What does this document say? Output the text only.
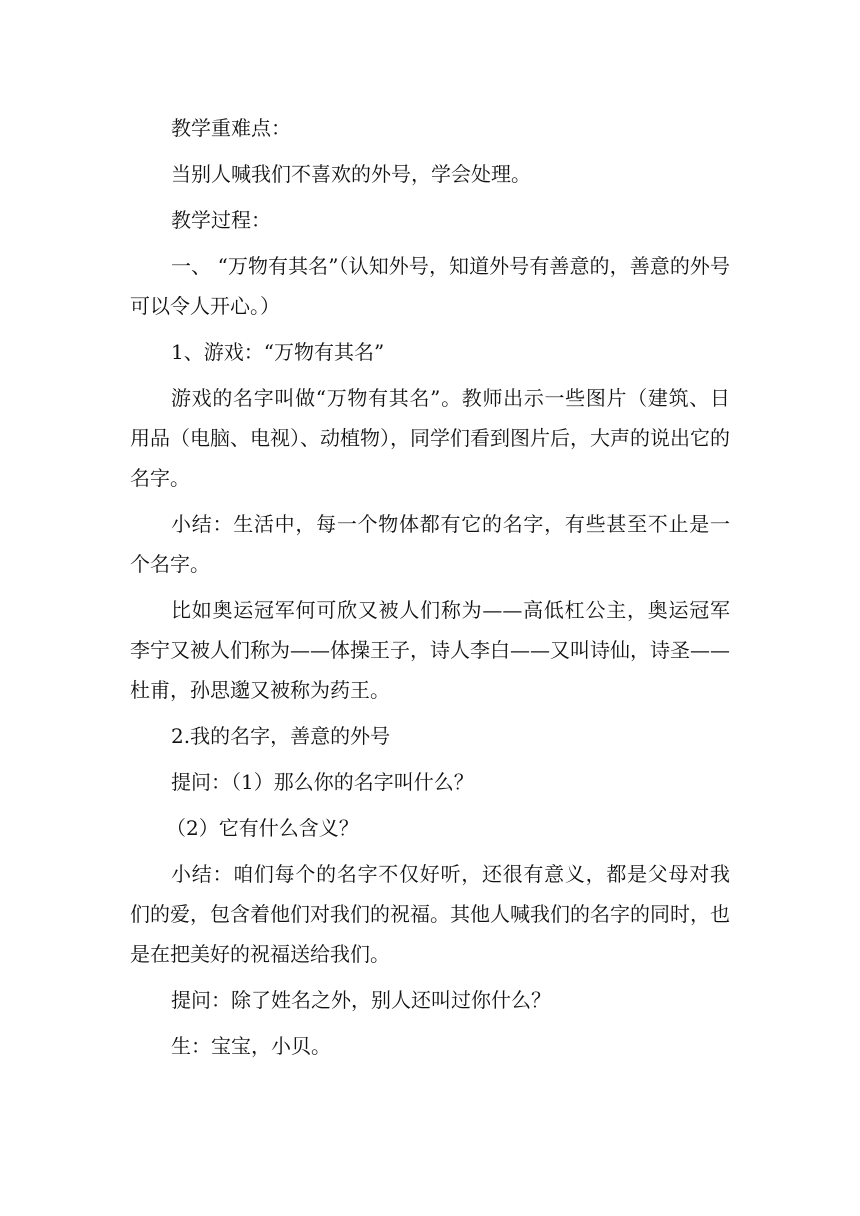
教学重难点：

当别人喊我们不喜欢的外号，学会处理。

教学过程：

一、 “万物有其名”（认知外号，知道外号有善意的，善意的外号可以令人开心。）

1、游戏：“万物有其名”

游戏的名字叫做“万物有其名”。教师出示一些图片（建筑、日用品（电脑、电视）、动植物），同学们看到图片后，大声的说出它的名字。

小结：生活中，每一个物体都有它的名字，有些甚至不止是一个名字。

比如奥运冠军何可欣又被人们称为——高低杠公主，奥运冠军李宁又被人们称为——体操王子，诗人李白——又叫诗仙，诗圣—— 杜甫，孙思邈又被称为药王。

2.我的名字，善意的外号

提问：（1）那么你的名字叫什么？

（2）它有什么含义？

小结：咱们每个的名字不仅好听，还很有意义，都是父母对我们的爱，包含着他们对我们的祝福。其他人喊我们的名字的同时，也是在把美好的祝福送给我们。

提问：除了姓名之外，别人还叫过你什么？

生：宝宝，小贝。
